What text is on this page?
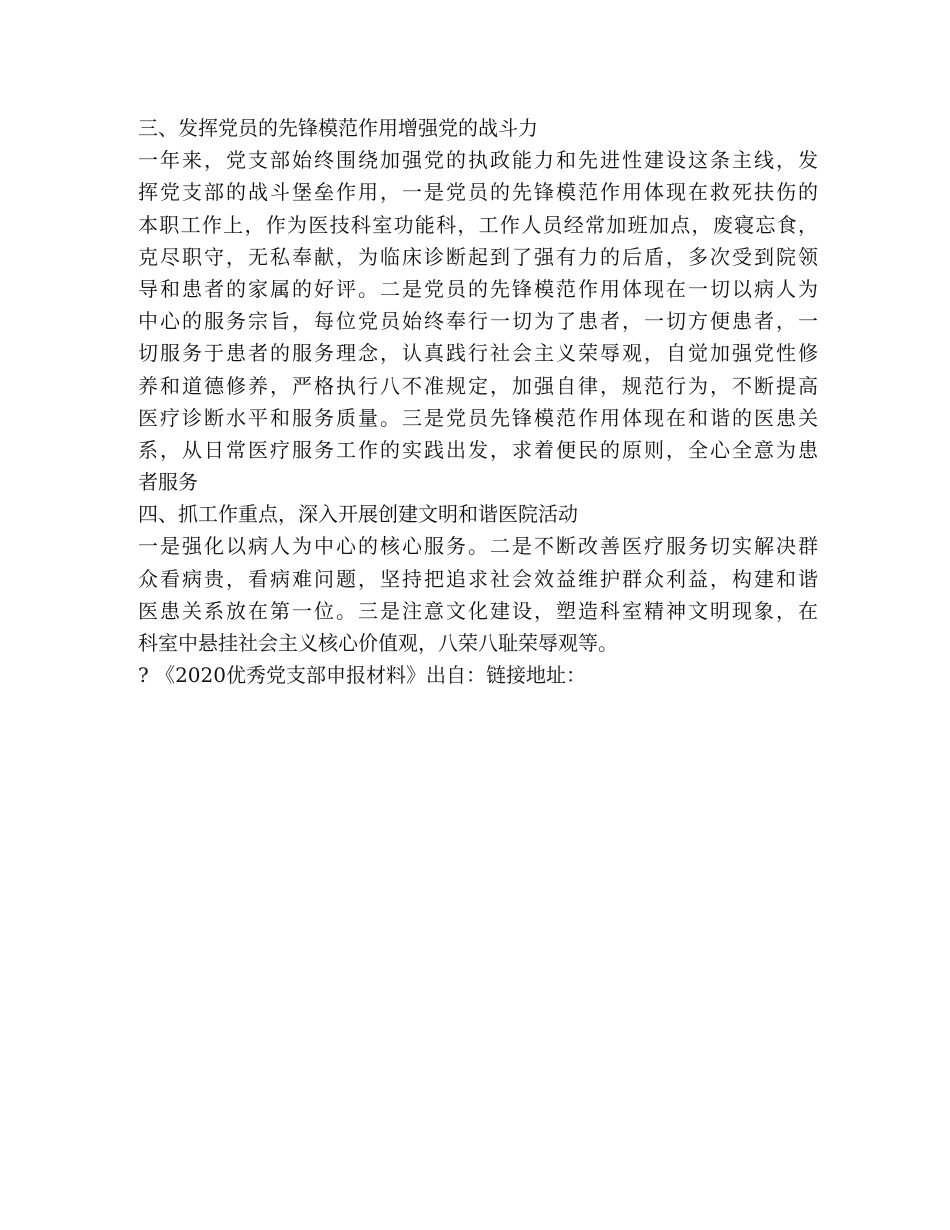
三、发挥党员的先锋模范作用增强党的战斗力
一年来，党支部始终围绕加强党的执政能力和先进性建设这条主线，发
挥党支部的战斗堡垒作用，一是党员的先锋模范作用体现在救死扶伤的
本职工作上，作为医技科室功能科，工作人员经常加班加点，废寝忘食，
克尽职守，无私奉献，为临床诊断起到了强有力的后盾，多次受到院领
导和患者的家属的好评。二是党员的先锋模范作用体现在一切以病人为
中心的服务宗旨，每位党员始终奉行一切为了患者，一切方便患者，一
切服务于患者的服务理念，认真践行社会主义荣辱观，自觉加强党性修
养和道德修养，严格执行八不准规定，加强自律，规范行为，不断提高
医疗诊断水平和服务质量。三是党员先锋模范作用体现在和谐的医患关
系，从日常医疗服务工作的实践出发，求着便民的原则，全心全意为患
者服务
四、抓工作重点，深入开展创建文明和谐医院活动
一是强化以病人为中心的核心服务。二是不断改善医疗服务切实解决群
众看病贵，看病难问题，坚持把追求社会效益维护群众利益，构建和谐
医患关系放在第一位。三是注意文化建设，塑造科室精神文明现象，在
科室中悬挂社会主义核心价值观，八荣八耻荣辱观等。
? 《2020优秀党支部申报材料》出自：链接地址：
